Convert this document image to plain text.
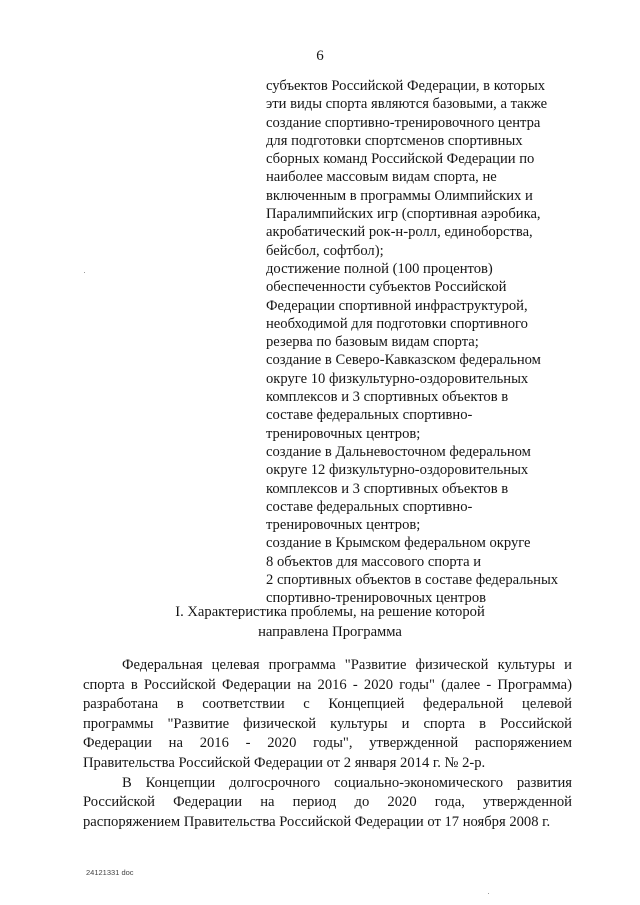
6
субъектов Российской Федерации, в которых
эти виды спорта являются базовыми, а также
создание спортивно-тренировочного центра
для подготовки спортсменов спортивных
сборных команд Российской Федерации по
наиболее массовым видам спорта, не
включенным в программы Олимпийских и
Паралимпийских игр (спортивная аэробика,
акробатический рок-н-ролл, единоборства,
бейсбол, софтбол);
достижение полной (100 процентов)
обеспеченности субъектов Российской
Федерации спортивной инфраструктурой,
необходимой для подготовки спортивного
резерва по базовым видам спорта;
создание в Северо-Кавказском федеральном
округе 10 физкультурно-оздоровительных
комплексов и 3 спортивных объектов в
составе федеральных спортивно-
тренировочных центров;
создание в Дальневосточном федеральном
округе 12 физкультурно-оздоровительных
комплексов и 3 спортивных объектов в
составе федеральных спортивно-
тренировочных центров;
создание в Крымском федеральном округе
8 объектов для массового спорта и
2 спортивных объектов в составе федеральных
спортивно-тренировочных центров
I. Характеристика проблемы, на решение которой
направлена Программа
Федеральная целевая программа "Развитие физической культуры и
спорта в Российской Федерации на 2016 - 2020 годы" (далее - Программа)
разработана в соответствии с Концепцией федеральной целевой
программы "Развитие физической культуры и спорта в Российской
Федерации на 2016 - 2020 годы", утвержденной распоряжением
Правительства Российской Федерации от 2 января 2014 г. № 2-р.
В Концепции долгосрочного социально-экономического развития
Российской Федерации на период до 2020 года, утвержденной
распоряжением Правительства Российской Федерации от 17 ноября 2008 г.
24121331 doc
